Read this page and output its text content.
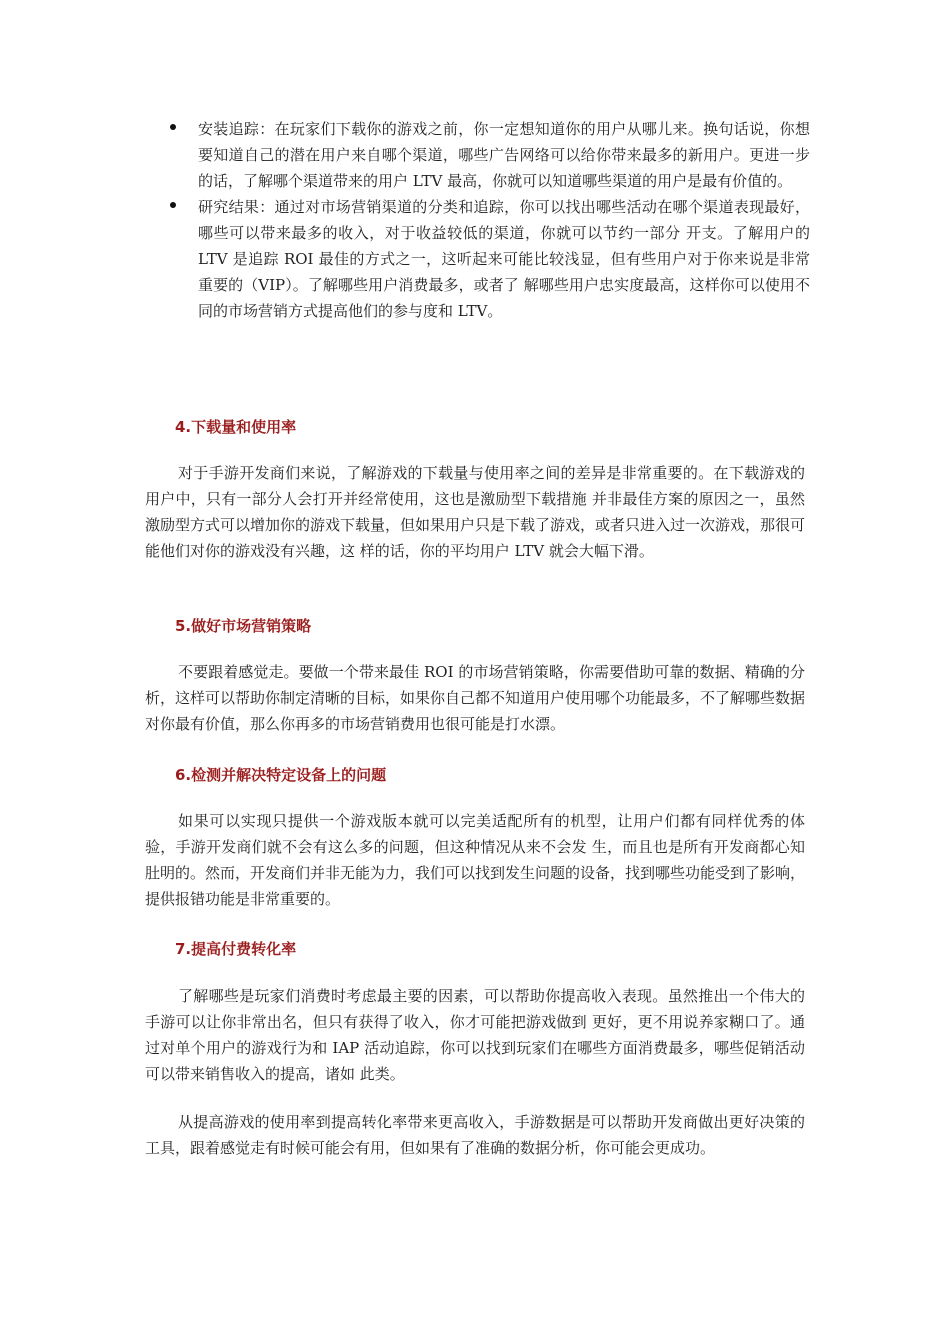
安装追踪：在玩家们下载你的游戏之前，你一定想知道你的用户从哪儿来。换句话说，你想要知道自己的潜在用户来自哪个渠道，哪些广告网络可以给你带来最多的新用户。更进一步的话，了解哪个渠道带来的用户 LTV 最高，你就可以知道哪些渠道的用户是最有价值的。

研究结果：通过对市场营销渠道的分类和追踪，你可以找出哪些活动在哪个渠道表现最好，哪些可以带来最多的收入，对于收益较低的渠道，你就可以节约一部分 开支。了解用户的 LTV 是追踪 ROI 最佳的方式之一，这听起来可能比较浅显，但有些用户对于你来说是非常重要的（VIP）。了解哪些用户消费最多，或者了 解哪些用户忠实度最高，这样你可以使用不同的市场营销方式提高他们的参与度和 LTV。

4.下载量和使用率

对于手游开发商们来说，了解游戏的下载量与使用率之间的差异是非常重要的。在下载游戏的用户中，只有一部分人会打开并经常使用，这也是激励型下载措施 并非最佳方案的原因之一，虽然激励型方式可以增加你的游戏下载量，但如果用户只是下载了游戏，或者只进入过一次游戏，那很可能他们对你的游戏没有兴趣，这 样的话，你的平均用户 LTV 就会大幅下滑。

5.做好市场营销策略

不要跟着感觉走。要做一个带来最佳 ROI 的市场营销策略，你需要借助可靠的数据、精确的分析，这样可以帮助你制定清晰的目标，如果你自己都不知道用户使用哪个功能最多，不了解哪些数据对你最有价值，那么你再多的市场营销费用也很可能是打水漂。

6.检测并解决特定设备上的问题

如果可以实现只提供一个游戏版本就可以完美适配所有的机型，让用户们都有同样优秀的体验，手游开发商们就不会有这么多的问题，但这种情况从来不会发 生，而且也是所有开发商都心知肚明的。然而，开发商们并非无能为力，我们可以找到发生问题的设备，找到哪些功能受到了影响，提供报错功能是非常重要的。

7.提高付费转化率

了解哪些是玩家们消费时考虑最主要的因素，可以帮助你提高收入表现。虽然推出一个伟大的手游可以让你非常出名，但只有获得了收入，你才可能把游戏做到 更好，更不用说养家糊口了。通过对单个用户的游戏行为和 IAP 活动追踪，你可以找到玩家们在哪些方面消费最多，哪些促销活动可以带来销售收入的提高，诸如 此类。

从提高游戏的使用率到提高转化率带来更高收入，手游数据是可以帮助开发商做出更好决策的工具，跟着感觉走有时候可能会有用，但如果有了准确的数据分析，你可能会更成功。
